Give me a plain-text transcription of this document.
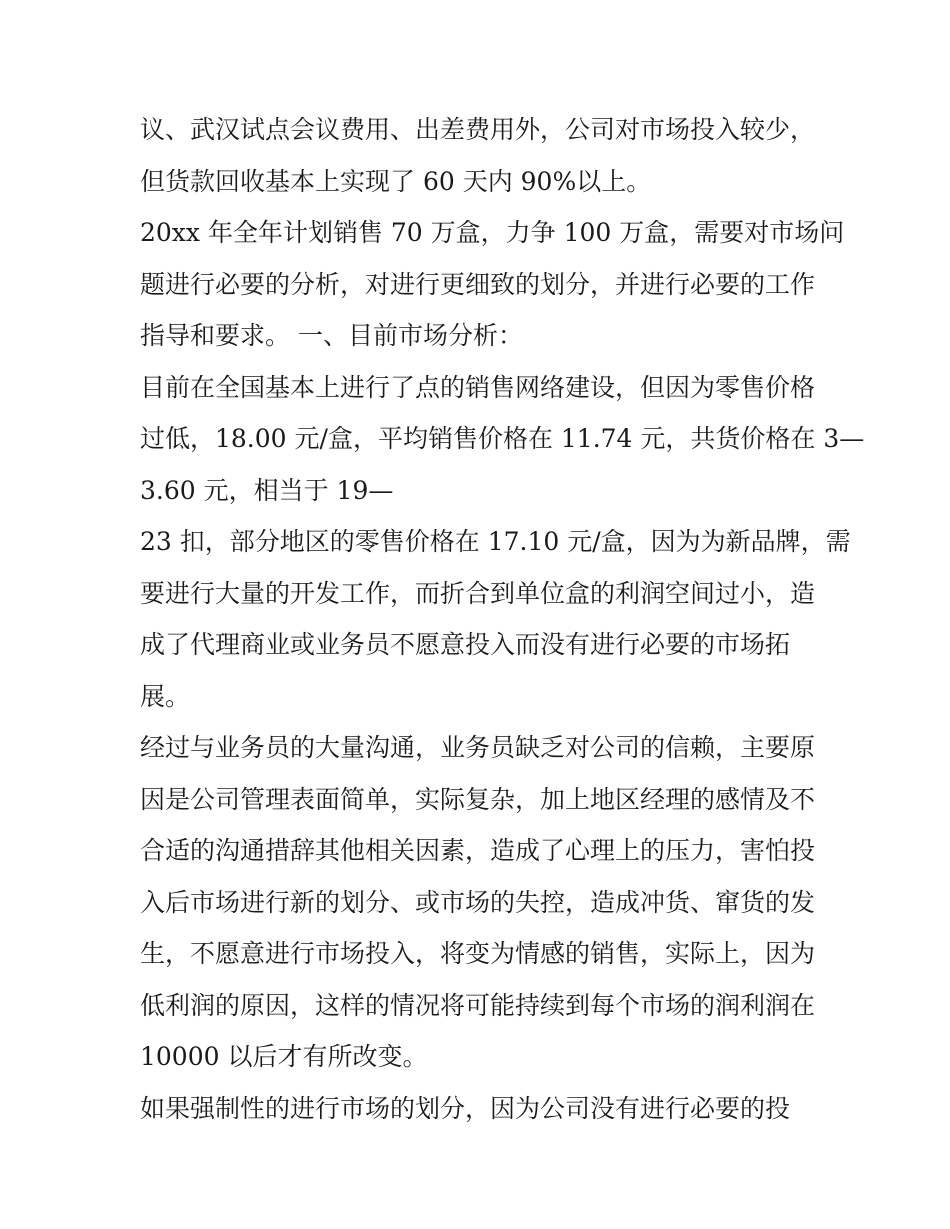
议、武汉试点会议费用、出差费用外，公司对市场投入较少，
但货款回收基本上实现了 60 天内 90%以上。
20xx 年全年计划销售 70 万盒，力争 100 万盒，需要对市场问
题进行必要的分析，对进行更细致的划分，并进行必要的工作
指导和要求。 一、目前市场分析：
目前在全国基本上进行了点的销售网络建设，但因为零售价格
过低，18.00 元/盒，平均销售价格在 11.74 元，共货价格在 3—
3.60 元，相当于 19—
23 扣，部分地区的零售价格在 17.10 元/盒，因为为新品牌，需
要进行大量的开发工作，而折合到单位盒的利润空间过小，造
成了代理商业或业务员不愿意投入而没有进行必要的市场拓
展。
经过与业务员的大量沟通，业务员缺乏对公司的信赖，主要原
因是公司管理表面简单，实际复杂，加上地区经理的感情及不
合适的沟通措辞其他相关因素，造成了心理上的压力，害怕投
入后市场进行新的划分、或市场的失控，造成冲货、窜货的发
生，不愿意进行市场投入，将变为情感的销售，实际上，因为
低利润的原因，这样的情况将可能持续到每个市场的润利润在
10000 以后才有所改变。
如果强制性的进行市场的划分，因为公司没有进行必要的投
